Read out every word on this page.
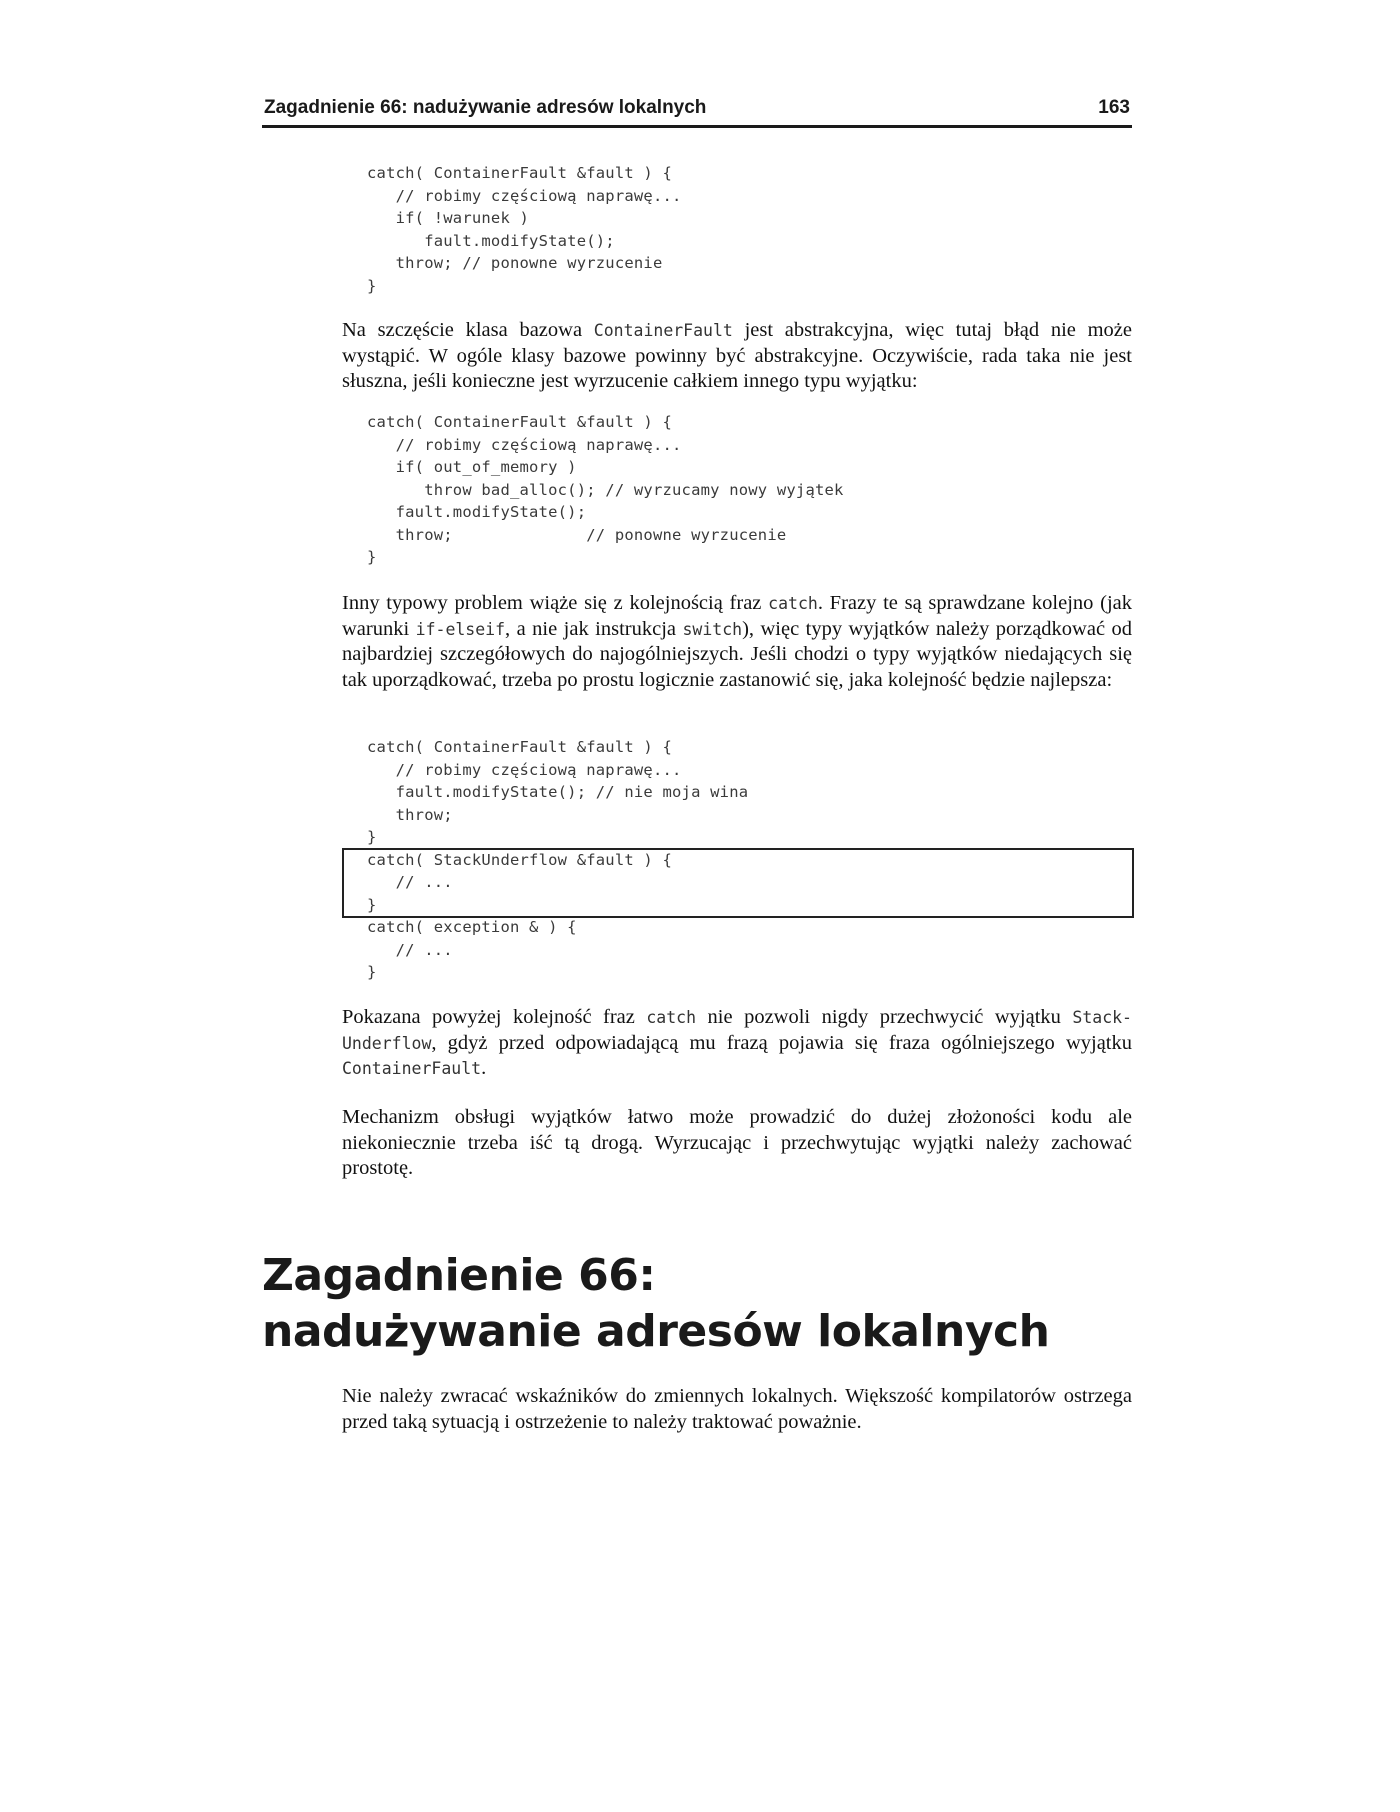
Zagadnienie 66: nadużywanie adresów lokalnych	163
catch( ContainerFault &fault ) {
// robimy częściową naprawę...
if( !warunek )
fault.modifyState();
throw; // ponowne wyrzucenie
}

Na szczęście klasa bazowa ContainerFault jest abstrakcyjna, więc tutaj błąd nie może wystąpić. W ogóle klasy bazowe powinny być abstrakcyjne. Oczywiście, rada taka nie jest słuszna, jeśli konieczne jest wyrzucenie całkiem innego typu wyjątku:

catch( ContainerFault &fault ) {
// robimy częściową naprawę...
if( out_of_memory )
throw bad_alloc(); // wyrzucamy nowy wyjątek
fault.modifyState();
throw;              // ponowne wyrzucenie
}

Inny typowy problem wiąże się z kolejnością fraz catch. Frazy te są sprawdzane kolejno (jak warunki if-elseif, a nie jak instrukcja switch), więc typy wyjątków należy porządkować od najbardziej szczegółowych do najogólniejszych. Jeśli chodzi o typy wyjątków niedających się tak uporządkować, trzeba po prostu logicznie zastanowić się, jaka kolejność będzie najlepsza:

catch( ContainerFault &fault ) {
// robimy częściową naprawę...
fault.modifyState(); // nie moja wina
throw;
}
catch( StackUnderflow &fault ) {
// ...
}
catch( exception & ) {
// ...
}

Pokazana powyżej kolejność fraz catch nie pozwoli nigdy przechwycić wyjątku Stack-Underflow, gdyż przed odpowiadającą mu frazą pojawia się fraza ogólniejszego wyjątku ContainerFault.

Mechanizm obsługi wyjątków łatwo może prowadzić do dużej złożoności kodu ale niekoniecznie trzeba iść tą drogą. Wyrzucając i przechwytując wyjątki należy zachować prostotę.

Zagadnienie 66:
nadużywanie adresów lokalnych

Nie należy zwracać wskaźników do zmiennych lokalnych. Większość kompilatorów ostrzega przed taką sytuacją i ostrzeżenie to należy traktować poważnie.
